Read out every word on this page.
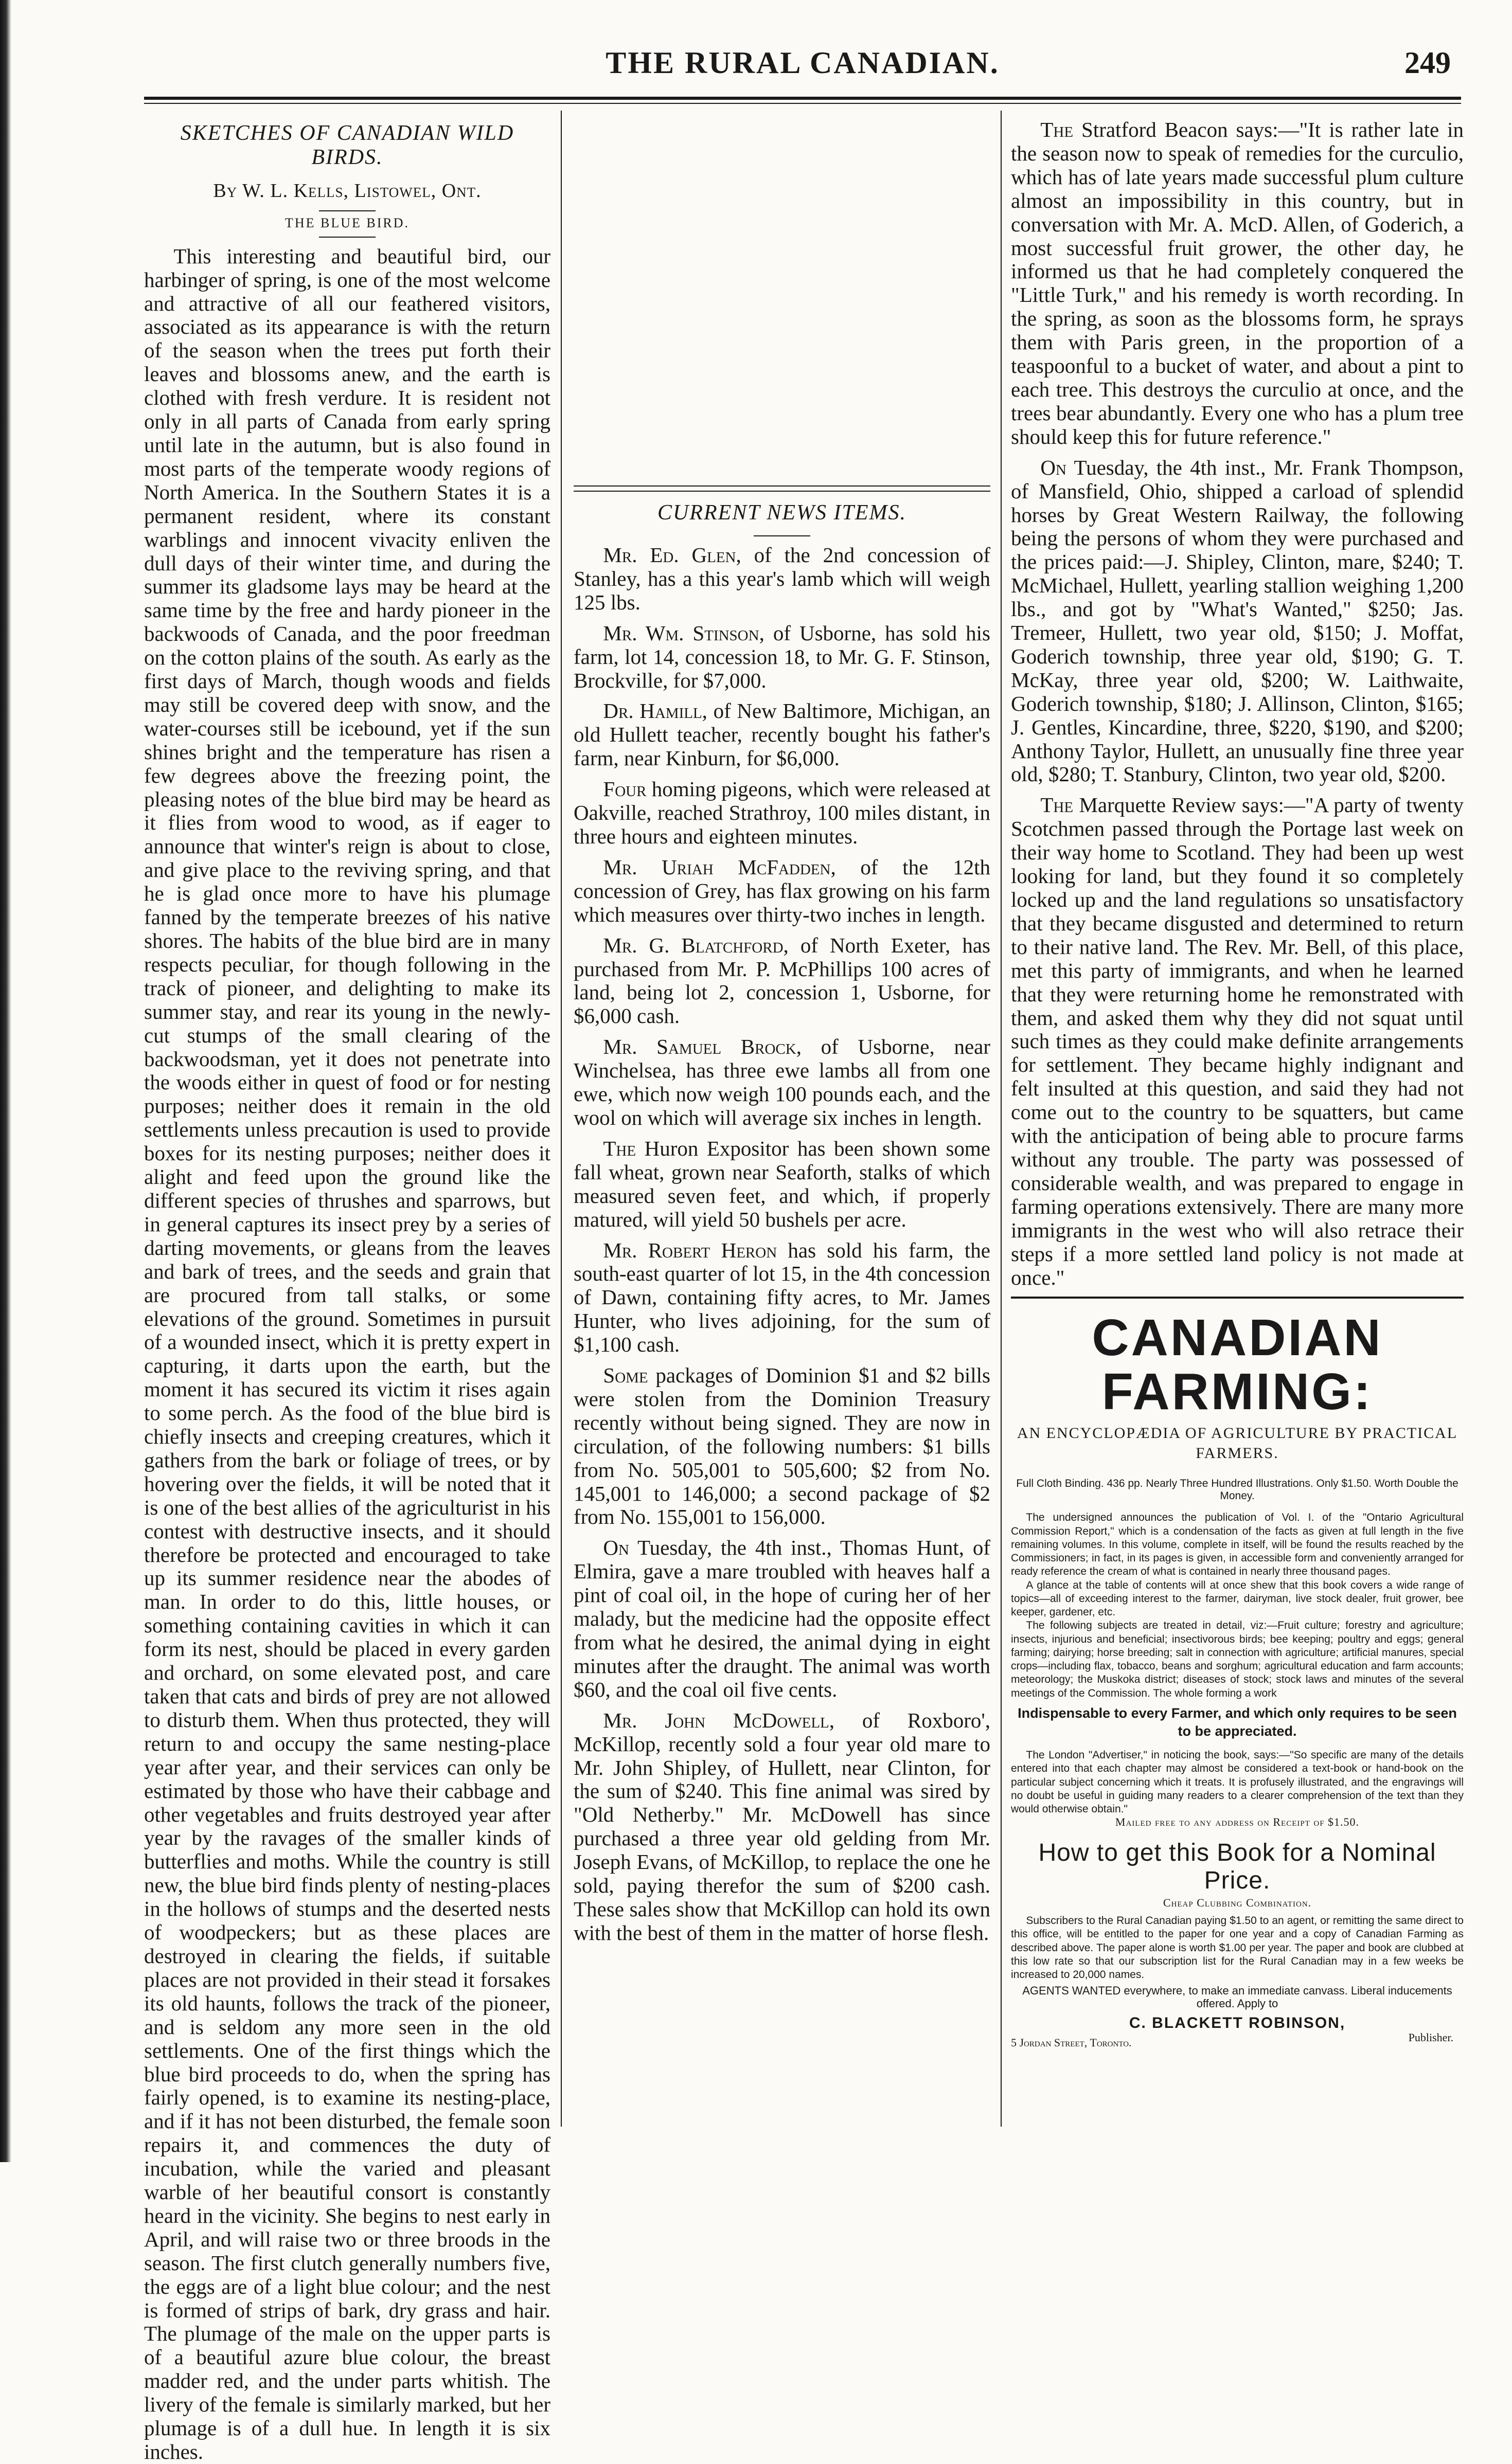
THE RURAL CANADIAN.	249
SKETCHES OF CANADIAN WILD BIRDS.
By W. L. Kells, Listowel, Ont.
THE BLUE BIRD.

This interesting and beautiful bird, our harbinger of spring, is one of the most welcome and attractive of all our feathered visitors, associated as its appearance is with the return of the season when the trees put forth their leaves and blossoms anew, and the earth is clothed with fresh verdure. It is resident not only in all parts of Canada from early spring until late in the autumn, but is also found in most parts of the temperate woody regions of North America. In the Southern States it is a permanent resident, where its constant warblings and innocent vivacity enliven the dull days of their winter time, and during the summer its gladsome lays may be heard at the same time by the free and hardy pioneer in the backwoods of Canada, and the poor freedman on the cotton plains of the south. As early as the first days of March, though woods and fields may still be covered deep with snow, and the water-courses still be icebound, yet if the sun shines bright and the temperature has risen a few degrees above the freezing point, the pleasing notes of the blue bird may be heard as it flies from wood to wood, as if eager to announce that winter's reign is about to close, and give place to the reviving spring, and that he is glad once more to have his plumage fanned by the temperate breezes of his native shores. The habits of the blue bird are in many respects peculiar, for though following in the track of pioneer, and delighting to make its summer stay, and rear its young in the newly-cut stumps of the small clearing of the backwoodsman, yet it does not penetrate into the woods either in quest of food or for nesting purposes; neither does it remain in the old settlements unless precaution is used to provide boxes for its nesting purposes; neither does it alight and feed upon the ground like the different species of thrushes and sparrows, but in general captures its insect prey by a series of darting movements, or gleans from the leaves and bark of trees, and the seeds and grain that are procured from tall stalks, or some elevations of the ground. Sometimes in pursuit of a wounded insect, which it is pretty expert in capturing, it darts upon the earth, but the moment it has secured its victim it rises again to some perch. As the food of the blue bird is chiefly insects and creeping creatures, which it gathers from the bark or foliage of trees, or by hovering over the fields, it will be noted that it is one of the best allies of the agriculturist in his contest with destructive insects, and it should therefore be protected and encouraged to take up its summer residence near the abodes of man. In order to do this, little houses, or something containing cavities in which it can form its nest, should be placed in every garden and orchard, on some elevated post, and care taken that cats and birds of prey are not allowed to disturb them. When thus protected, they will return to and occupy the same nesting-place year after year, and their services can only be estimated by those who have their cabbage and other vegetables and fruits destroyed year after year by the ravages of the smaller kinds of butterflies and moths. While the country is still new, the blue bird finds plenty of nesting-places in the hollows of stumps and the deserted nests of woodpeckers; but as these places are destroyed in clearing the fields, if suitable places are not provided in their stead it forsakes its old haunts, follows the track of the pioneer, and is seldom any more seen in the old settlements. One of the first things which the blue bird proceeds to do, when the spring has fairly opened, is to examine its nesting-place, and if it has not been disturbed, the female soon repairs it, and commences the duty of incubation, while the varied and pleasant warble of her beautiful consort is constantly heard in the vicinity. She begins to nest early in April, and will raise two or three broods in the season. The first clutch generally numbers five, the eggs are of a light blue colour; and the nest is formed of strips of bark, dry grass and hair. The plumage of the male on the upper parts is of a beautiful azure blue colour, the breast madder red, and the under parts whitish. The livery of the female is similarly marked, but her plumage is of a dull hue. In length it is six inches.

CURRENT NEWS ITEMS.

Mr. Ed. Glen, of the 2nd concession of Stanley, has a this year's lamb which will weigh 125 lbs.

Mr. Wm. Stinson, of Usborne, has sold his farm, lot 14, concession 18, to Mr. G. F. Stinson, Brockville, for $7,000.

Dr. Hamill, of New Baltimore, Michigan, an old Hullett teacher, recently bought his father's farm, near Kinburn, for $6,000.

Four homing pigeons, which were released at Oakville, reached Strathroy, 100 miles distant, in three hours and eighteen minutes.

Mr. Uriah McFadden, of the 12th concession of Grey, has flax growing on his farm which measures over thirty-two inches in length.

Mr. G. Blatchford, of North Exeter, has purchased from Mr. P. McPhillips 100 acres of land, being lot 2, concession 1, Usborne, for $6,000 cash.

Mr. Samuel Brock, of Usborne, near Winchelsea, has three ewe lambs all from one ewe, which now weigh 100 pounds each, and the wool on which will average six inches in length.

The Huron Expositor has been shown some fall wheat, grown near Seaforth, stalks of which measured seven feet, and which, if properly matured, will yield 50 bushels per acre.

Mr. Robert Heron has sold his farm, the south-east quarter of lot 15, in the 4th concession of Dawn, containing fifty acres, to Mr. James Hunter, who lives adjoining, for the sum of $1,100 cash.

Some packages of Dominion $1 and $2 bills were stolen from the Dominion Treasury recently without being signed. They are now in circulation, of the following numbers: $1 bills from No. 505,001 to 505,600; $2 from No. 145,001 to 146,000; a second package of $2 from No. 155,001 to 156,000.

On Tuesday, the 4th inst., Thomas Hunt, of Elmira, gave a mare troubled with heaves half a pint of coal oil, in the hope of curing her of her malady, but the medicine had the opposite effect from what he desired, the animal dying in eight minutes after the draught. The animal was worth $60, and the coal oil five cents.

Mr. John McDowell, of Roxboro', McKillop, recently sold a four year old mare to Mr. John Shipley, of Hullett, near Clinton, for the sum of $240. This fine animal was sired by "Old Netherby." Mr. McDowell has since purchased a three year old gelding from Mr. Joseph Evans, of McKillop, to replace the one he sold, paying therefor the sum of $200 cash. These sales show that McKillop can hold its own with the best of them in the matter of horse flesh.

The Stratford Beacon says:—"It is rather late in the season now to speak of remedies for the curculio, which has of late years made successful plum culture almost an impossibility in this country, but in conversation with Mr. A. McD. Allen, of Goderich, a most successful fruit grower, the other day, he informed us that he had completely conquered the "Little Turk," and his remedy is worth recording. In the spring, as soon as the blossoms form, he sprays them with Paris green, in the proportion of a teaspoonful to a bucket of water, and about a pint to each tree. This destroys the curculio at once, and the trees bear abundantly. Every one who has a plum tree should keep this for future reference."

On Tuesday, the 4th inst., Mr. Frank Thompson, of Mansfield, Ohio, shipped a carload of splendid horses by Great Western Railway, the following being the persons of whom they were purchased and the prices paid:—J. Shipley, Clinton, mare, $240; T. McMichael, Hullett, yearling stallion weighing 1,200 lbs., and got by "What's Wanted," $250; Jas. Tremeer, Hullett, two year old, $150; J. Moffat, Goderich township, three year old, $190; G. T. McKay, three year old, $200; W. Laithwaite, Goderich township, $180; J. Allinson, Clinton, $165; J. Gentles, Kincardine, three, $220, $190, and $200; Anthony Taylor, Hullett, an unusually fine three year old, $280; T. Stanbury, Clinton, two year old, $200.

The Marquette Review says:—"A party of twenty Scotchmen passed through the Portage last week on their way home to Scotland. They had been up west looking for land, but they found it so completely locked up and the land regulations so unsatisfactory that they became disgusted and determined to return to their native land. The Rev. Mr. Bell, of this place, met this party of immigrants, and when he learned that they were returning home he remonstrated with them, and asked them why they did not squat until such times as they could make definite arrangements for settlement. They became highly indignant and felt insulted at this question, and said they had not come out to the country to be squatters, but came with the anticipation of being able to procure farms without any trouble. The party was possessed of considerable wealth, and was prepared to engage in farming operations extensively. There are many more immigrants in the west who will also retrace their steps if a more settled land policy is not made at once."

CANADIAN FARMING:
AN ENCYCLOPÆDIA OF AGRICULTURE BY PRACTICAL FARMERS.
Full Cloth Binding. 436 pp. Nearly Three Hundred Illustrations. Only $1.50. Worth Double the Money.

The undersigned announces the publication of Vol. I. of the "Ontario Agricultural Commission Report," which is a condensation of the facts as given at full length in the five remaining volumes. In this volume, complete in itself, will be found the results reached by the Commissioners; in fact, in its pages is given, in accessible form and conveniently arranged for ready reference the cream of what is contained in nearly three thousand pages.

A glance at the table of contents will at once shew that this book covers a wide range of topics—all of exceeding interest to the farmer, dairyman, live stock dealer, fruit grower, bee keeper, gardener, etc.

The following subjects are treated in detail, viz:—Fruit culture; forestry and agriculture; insects, injurious and beneficial; insectivorous birds; bee keeping; poultry and eggs; general farming; dairying; horse breeding; salt in connection with agriculture; artificial manures, special crops—including flax, tobacco, beans and sorghum; agricultural education and farm accounts; meteorology; the Muskoka district; diseases of stock; stock laws and minutes of the several meetings of the Commission. The whole forming a work

Indispensable to every Farmer, and which only requires to be seen to be appreciated.

The London "Advertiser," in noticing the book, says:—"So specific are many of the details entered into that each chapter may almost be considered a text-book or hand-book on the particular subject concerning which it treats. It is profusely illustrated, and the engravings will no doubt be useful in guiding many readers to a clearer comprehension of the text than they would otherwise obtain."

Mailed free to any address on Receipt of $1.50.
How to get this Book for a Nominal Price.
Cheap Clubbing Combination.

Subscribers to the Rural Canadian paying $1.50 to an agent, or remitting the same direct to this office, will be entitled to the paper for one year and a copy of Canadian Farming as described above. The paper alone is worth $1.00 per year. The paper and book are clubbed at this low rate so that our subscription list for the Rural Canadian may in a few weeks be increased to 20,000 names.

AGENTS WANTED everywhere, to make an immediate canvass. Liberal inducements offered. Apply to
C. BLACKETT ROBINSON,
5 Jordan Street, Toronto.	Publisher.
